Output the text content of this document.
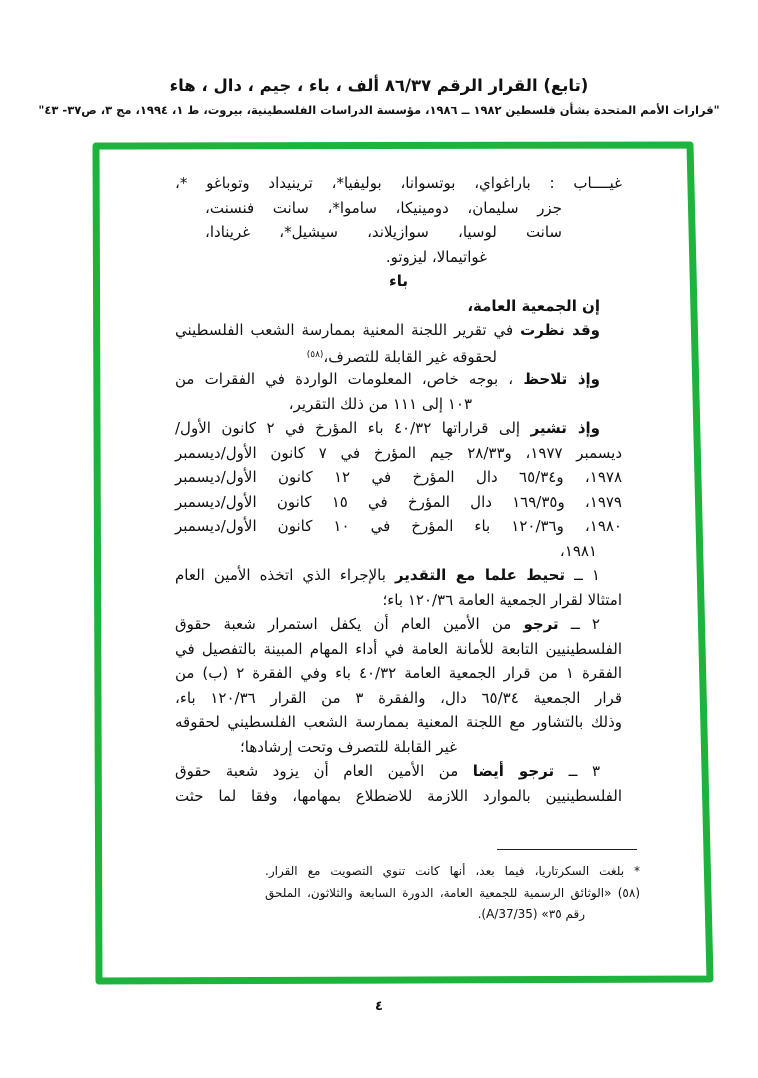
(تابع) القرار الرقم ٨٦/٣٧ ألف ، باء ، جيم ، دال ، هاء
"قرارات الأمم المتحدة بشأن فلسطين ١٩٨٢ ــ ١٩٨٦، مؤسسة الدراسات الفلسطينية، بيروت، ط ١، ١٩٩٤، مج ٣، ص٣٧- ٤٣"
غيــــاب : باراغواي، بوتسوانا، بوليفيا*، ترينيداد وتوباغو *،
جزر سليمان، دومينيكا، ساموا*، سانت فنسنت،
سانت لوسيا، سوازيلاند، سيشيل*، غرينادا،
غواتيمالا، ليزوتو.
باء
إن الجمعية العامة،
وقد نظرت في تقرير اللجنة المعنية بممارسة الشعب الفلسطيني
لحقوقه غير القابلة للتصرف،$^{(٥٨)}$
وإذ تلاحظ ، بوجه خاص، المعلومات الواردة في الفقرات من
١٠٣ إلى ١١١ من ذلك التقرير،
وإذ تشير إلى قراراتها ٤٠/٣٢ باء المؤرخ في ٢ كانون الأول/
ديسمبر ١٩٧٧، و٢٨/٣٣ جيم المؤرخ في ٧ كانون الأول/ديسمبر
١٩٧٨، و٦٥/٣٤ دال المؤرخ في ١٢ كانون الأول/ديسمبر
١٩٧٩، و١٦٩/٣٥ دال المؤرخ في ١٥ كانون الأول/ديسمبر
١٩٨٠، و١٢٠/٣٦ باء المؤرخ في ١٠ كانون الأول/ديسمبر
١٩٨١،
١ ــ تحيط علما مع التقدير بالإجراء الذي اتخذه الأمين العام
امتثالا لقرار الجمعية العامة ١٢٠/٣٦ باء؛
٢ ــ ترجو من الأمين العام أن يكفل استمرار شعبة حقوق
الفلسطينيين التابعة للأمانة العامة في أداء المهام المبينة بالتفصيل في
الفقرة ١ من قرار الجمعية العامة ٤٠/٣٢ باء وفي الفقرة ٢ (ب) من
قرار الجمعية ٦٥/٣٤ دال، والفقرة ٣ من القرار ١٢٠/٣٦ باء،
وذلك بالتشاور مع اللجنة المعنية بممارسة الشعب الفلسطيني لحقوقه
غير القابلة للتصرف وتحت إرشادها؛
٣ ــ ترجو أيضا من الأمين العام أن يزود شعبة حقوق
الفلسطينيين بالموارد اللازمة للاضطلاع بمهامها، وفقا لما حثت
* بلغت السكرتاريا، فيما بعد، أنها كانت تنوي التصويت مع القرار.
(٥٨) «الوثائق الرسمية للجمعية العامة، الدورة السابعة والثلاثون، الملحق
رقم ٣٥» (A/37/35).
٤
